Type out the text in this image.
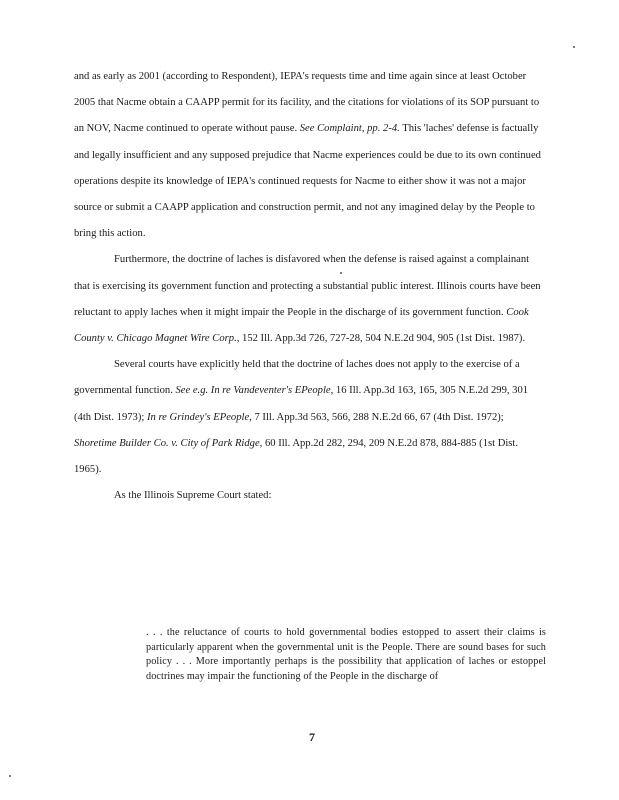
and as early as 2001 (according to Respondent), IEPA's requests time and time again since at least October 2005 that Nacme obtain a CAAPP permit for its facility, and the citations for violations of its SOP pursuant to an NOV, Nacme continued to operate without pause. See Complaint, pp. 2-4. This 'laches' defense is factually and legally insufficient and any supposed prejudice that Nacme experiences could be due to its own continued operations despite its knowledge of IEPA's continued requests for Nacme to either show it was not a major source or submit a CAAPP application and construction permit, and not any imagined delay by the People to bring this action.

Furthermore, the doctrine of laches is disfavored when the defense is raised against a complainant that is exercising its government function and protecting a substantial public interest. Illinois courts have been reluctant to apply laches when it might impair the People in the discharge of its government function. Cook County v. Chicago Magnet Wire Corp., 152 Ill. App.3d 726, 727-28, 504 N.E.2d 904, 905 (1st Dist. 1987).

Several courts have explicitly held that the doctrine of laches does not apply to the exercise of a governmental function. See e.g. In re Vandeventer's EPeople, 16 Ill. App.3d 163, 165, 305 N.E.2d 299, 301 (4th Dist. 1973); In re Grindey's EPeople, 7 Ill. App.3d 563, 566, 288 N.E.2d 66, 67 (4th Dist. 1972); Shoretime Builder Co. v. City of Park Ridge, 60 Ill. App.2d 282, 294, 209 N.E.2d 878, 884-885 (1st Dist. 1965).

As the Illinois Supreme Court stated:

. . . the reluctance of courts to hold governmental bodies estopped to assert their claims is particularly apparent when the governmental unit is the People. There are sound bases for such policy . . . More importantly perhaps is the possibility that application of laches or estoppel doctrines may impair the functioning of the People in the discharge of
7
